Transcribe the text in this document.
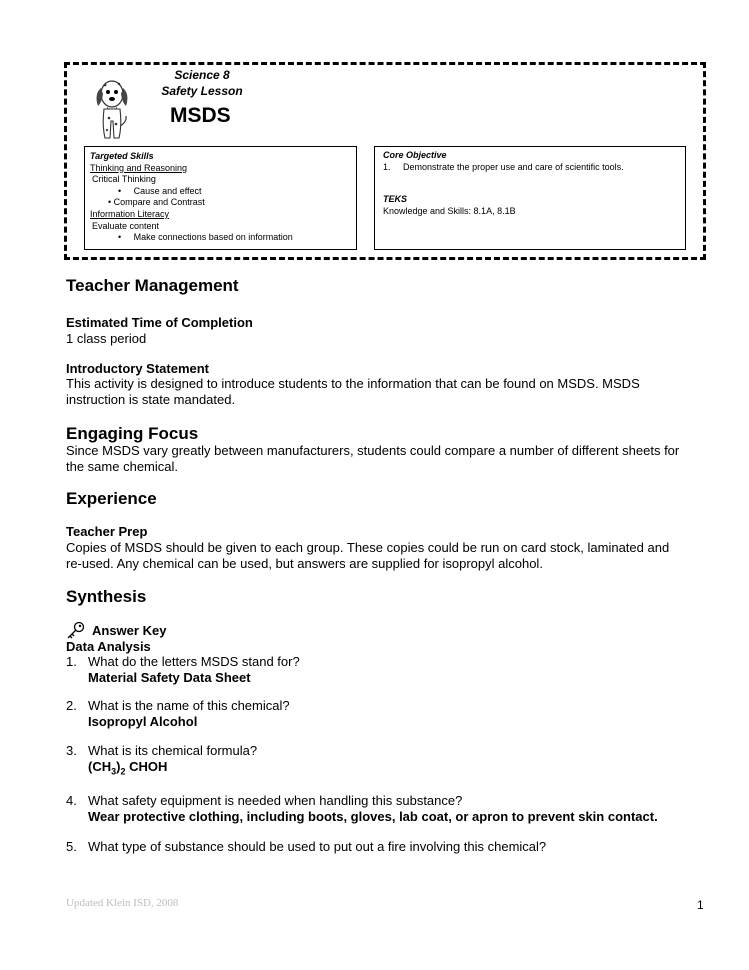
Science 8
Safety Lesson
MSDS
Targeted Skills
Thinking and Reasoning
Critical Thinking
•     Cause and effect
• Compare and Contrast
Information Literacy
Evaluate content
•     Make connections based on information
Core Objective
1. Demonstrate the proper use and care of scientific tools.
TEKS
Knowledge and Skills: 8.1A, 8.1B
Teacher Management
Estimated Time of Completion
1 class period
Introductory Statement
This activity is designed to introduce students to the information that can be found on MSDS. MSDS
instruction is state mandated.
Engaging Focus
Since MSDS vary greatly between manufacturers, students could compare a number of different sheets for
the same chemical.
Experience
Teacher Prep
Copies of MSDS should be given to each group. These copies could be run on card stock, laminated and
re-used. Any chemical can be used, but answers are supplied for isopropyl alcohol.
Synthesis
Answer Key
Data Analysis
1. What do the letters MSDS stand for?
Material Safety Data Sheet
2. What is the name of this chemical?
Isopropyl Alcohol
3. What is its chemical formula?
$(CH_3)_2$ CHOH
4. What safety equipment is needed when handling this substance?
Wear protective clothing, including boots, gloves, lab coat, or apron to prevent skin contact.
5. What type of substance should be used to put out a fire involving this chemical?
Updated Klein ISD, 2008	1
